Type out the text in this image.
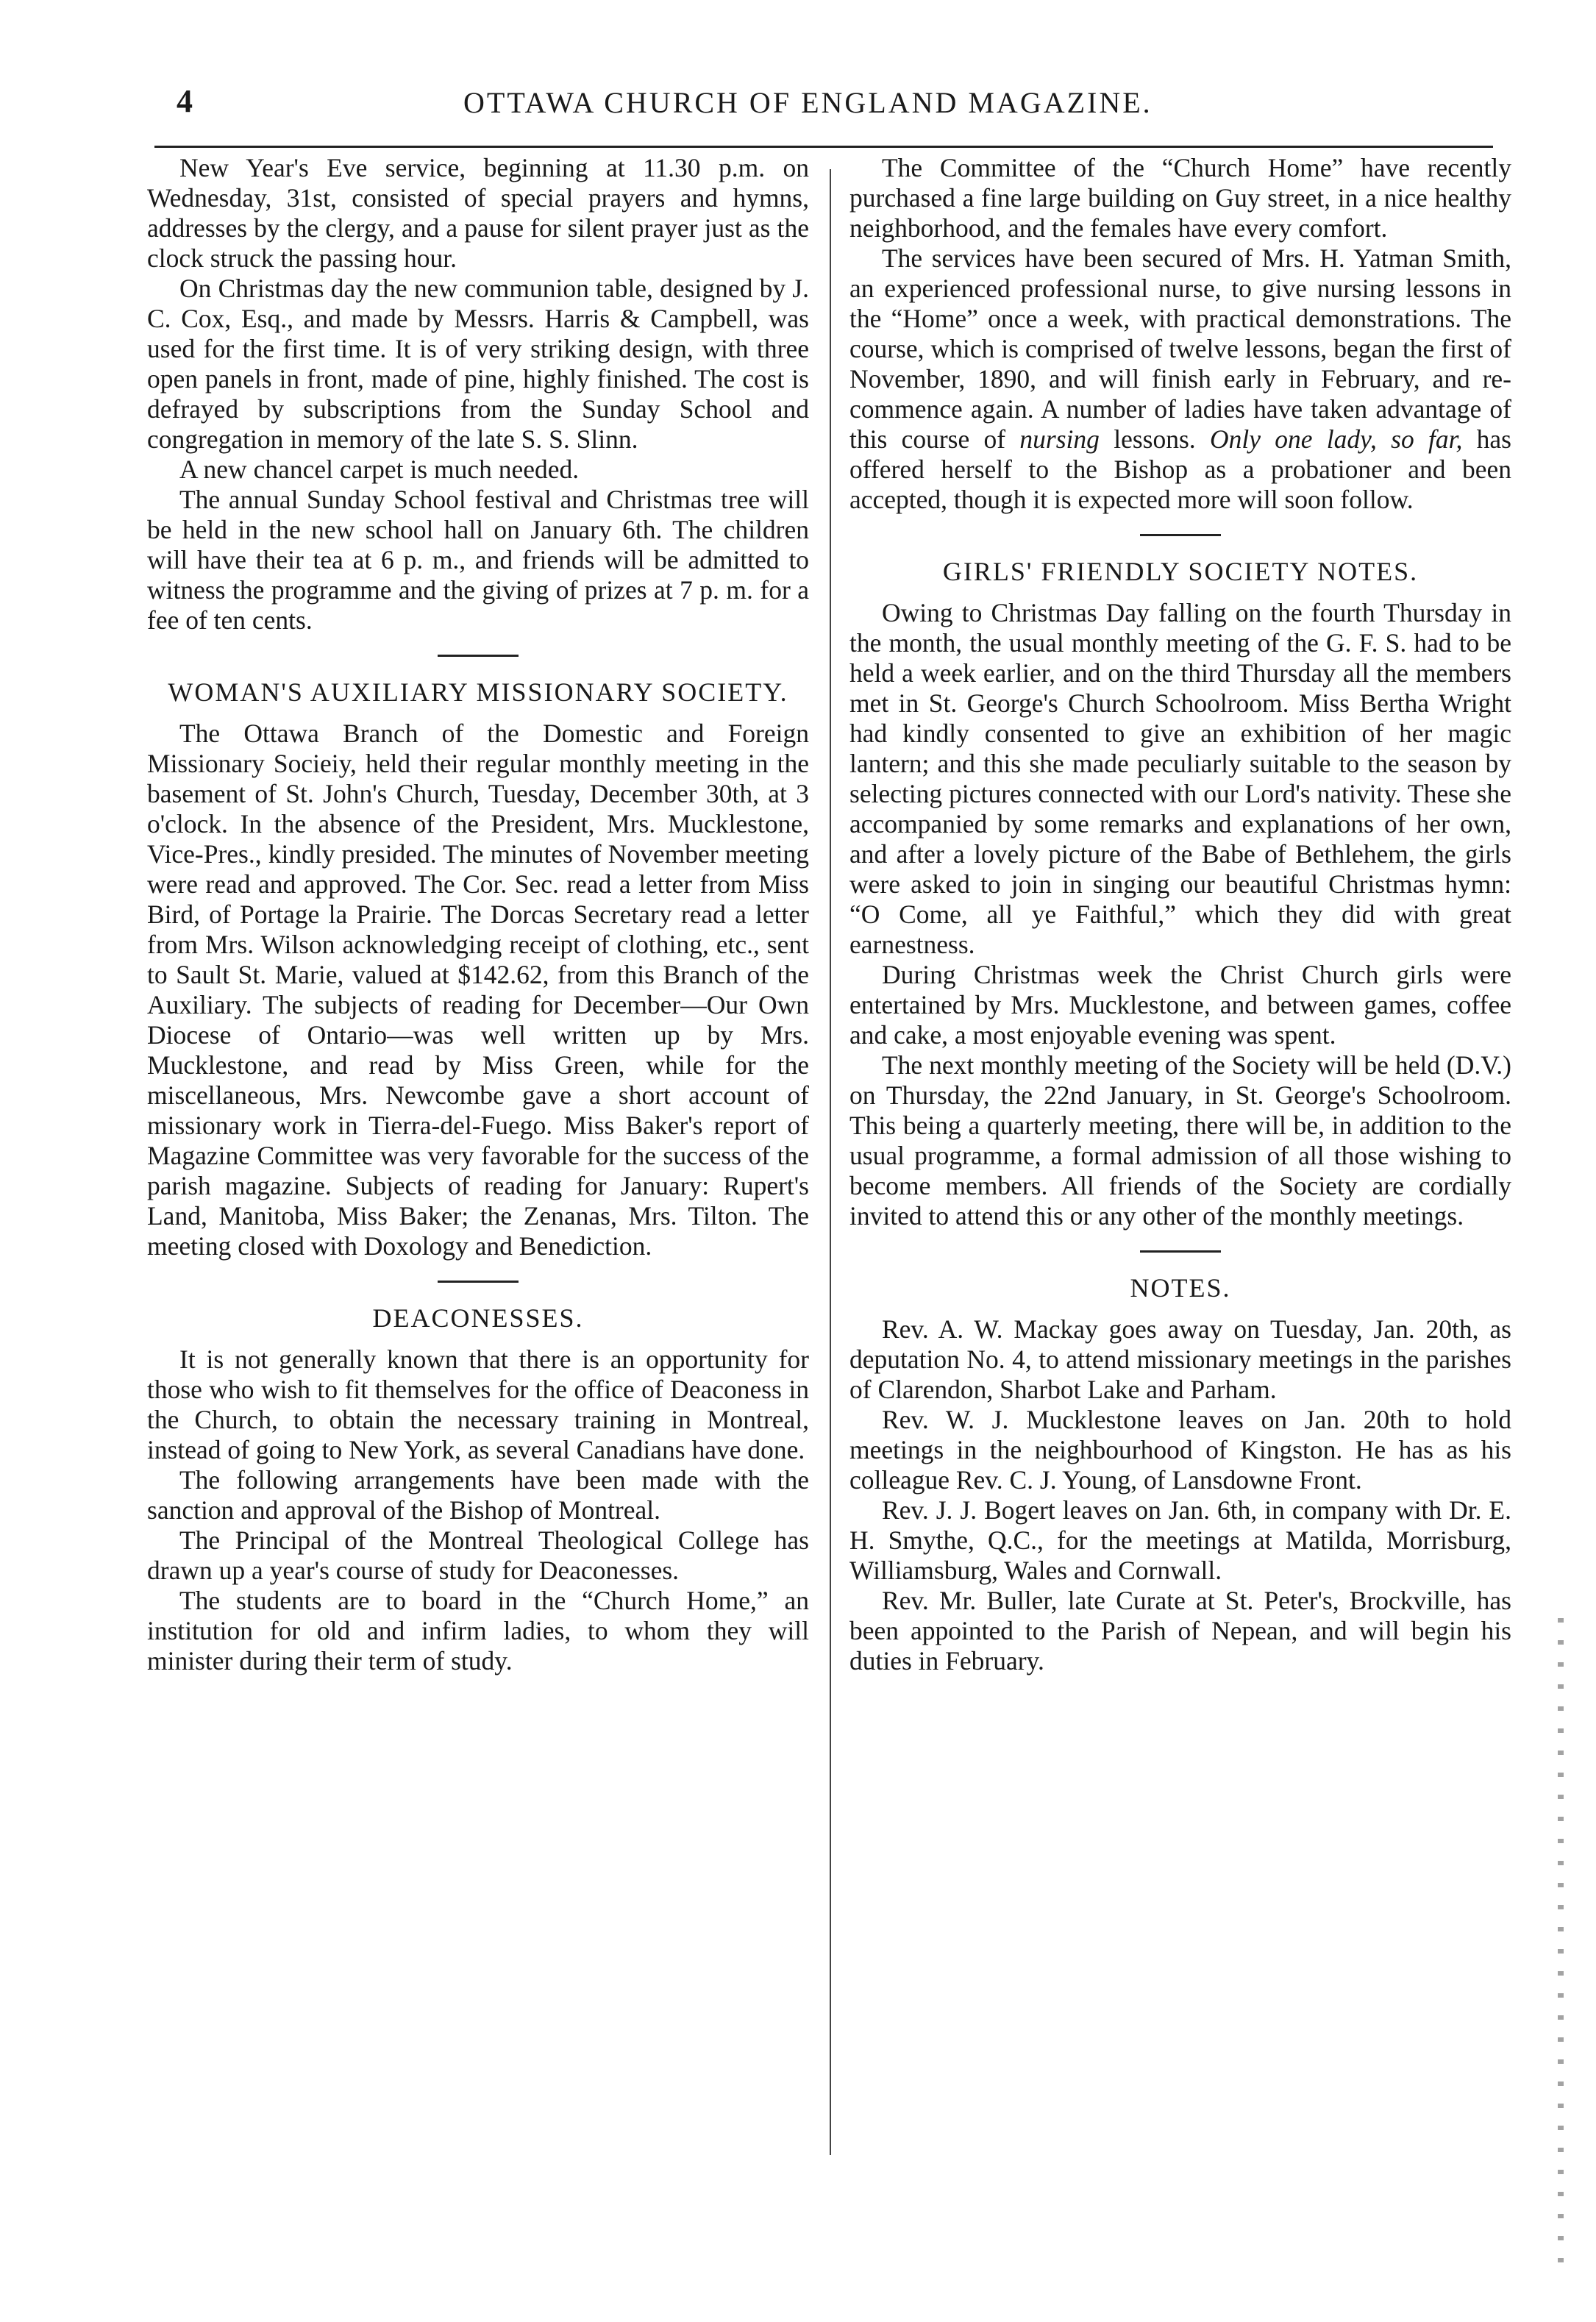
4	OTTAWA CHURCH OF ENGLAND MAGAZINE.

New Year's Eve service, beginning at 11.30 p.m. on Wednesday, 31st, consisted of special prayers and hymns, addresses by the clergy, and a pause for silent prayer just as the clock struck the passing hour.

On Christmas day the new communion table, designed by J. C. Cox, Esq., and made by Messrs. Harris & Campbell, was used for the first time. It is of very striking design, with three open panels in front, made of pine, highly finished. The cost is defrayed by subscriptions from the Sunday School and congregation in memory of the late S. S. Slinn.

A new chancel carpet is much needed.

The annual Sunday School festival and Christmas tree will be held in the new school hall on January 6th. The children will have their tea at 6 p. m., and friends will be admitted to witness the programme and the giving of prizes at 7 p. m. for a fee of ten cents.

WOMAN'S AUXILIARY MISSIONARY SOCIETY.

The Ottawa Branch of the Domestic and Foreign Missionary Socieiy, held their regular monthly meeting in the basement of St. John's Church, Tuesday, December 30th, at 3 o'clock. In the absence of the President, Mrs. Mucklestone, Vice-Pres., kindly presided. The minutes of November meeting were read and approved. The Cor. Sec. read a letter from Miss Bird, of Portage la Prairie. The Dorcas Secretary read a letter from Mrs. Wilson acknowledging receipt of clothing, etc., sent to Sault St. Marie, valued at $142.62, from this Branch of the Auxiliary. The subjects of reading for December—Our Own Diocese of Ontario—was well written up by Mrs. Mucklestone, and read by Miss Green, while for the miscellaneous, Mrs. Newcombe gave a short account of missionary work in Tierra-del-Fuego. Miss Baker's report of Magazine Committee was very favorable for the success of the parish magazine. Subjects of reading for January: Rupert's Land, Manitoba, Miss Baker; the Zenanas, Mrs. Tilton. The meeting closed with Doxology and Benediction.

DEACONESSES.

It is not generally known that there is an opportunity for those who wish to fit themselves for the office of Deaconess in the Church, to obtain the necessary training in Montreal, instead of going to New York, as several Canadians have done.

The following arrangements have been made with the sanction and approval of the Bishop of Montreal.

The Principal of the Montreal Theological College has drawn up a year's course of study for Deaconesses.

The students are to board in the “Church Home,” an institution for old and infirm ladies, to whom they will minister during their term of study.

The Committee of the “Church Home” have recently purchased a fine large building on Guy street, in a nice healthy neighborhood, and the females have every comfort.

The services have been secured of Mrs. H. Yatman Smith, an experienced professional nurse, to give nursing lessons in the “Home” once a week, with practical demonstrations. The course, which is comprised of twelve lessons, began the first of November, 1890, and will finish early in February, and re-commence again. A number of ladies have taken advantage of this course of nursing lessons. Only one lady, so far, has offered herself to the Bishop as a probationer and been accepted, though it is expected more will soon follow.

GIRLS' FRIENDLY SOCIETY NOTES.

Owing to Christmas Day falling on the fourth Thursday in the month, the usual monthly meeting of the G. F. S. had to be held a week earlier, and on the third Thursday all the members met in St. George's Church Schoolroom. Miss Bertha Wright had kindly consented to give an exhibition of her magic lantern; and this she made peculiarly suitable to the season by selecting pictures connected with our Lord's nativity. These she accompanied by some remarks and explanations of her own, and after a lovely picture of the Babe of Bethlehem, the girls were asked to join in singing our beautiful Christmas hymn: “O Come, all ye Faithful,” which they did with great earnestness.

During Christmas week the Christ Church girls were entertained by Mrs. Mucklestone, and between games, coffee and cake, a most enjoyable evening was spent.

The next monthly meeting of the Society will be held (D.V.) on Thursday, the 22nd January, in St. George's Schoolroom. This being a quarterly meeting, there will be, in addition to the usual programme, a formal admission of all those wishing to become members. All friends of the Society are cordially invited to attend this or any other of the monthly meetings.

NOTES.

Rev. A. W. Mackay goes away on Tuesday, Jan. 20th, as deputation No. 4, to attend missionary meetings in the parishes of Clarendon, Sharbot Lake and Parham.

Rev. W. J. Mucklestone leaves on Jan. 20th to hold meetings in the neighbourhood of Kingston. He has as his colleague Rev. C. J. Young, of Lansdowne Front.

Rev. J. J. Bogert leaves on Jan. 6th, in company with Dr. E. H. Smythe, Q.C., for the meetings at Matilda, Morrisburg, Williamsburg, Wales and Cornwall.

Rev. Mr. Buller, late Curate at St. Peter's, Brockville, has been appointed to the Parish of Nepean, and will begin his duties in February.
